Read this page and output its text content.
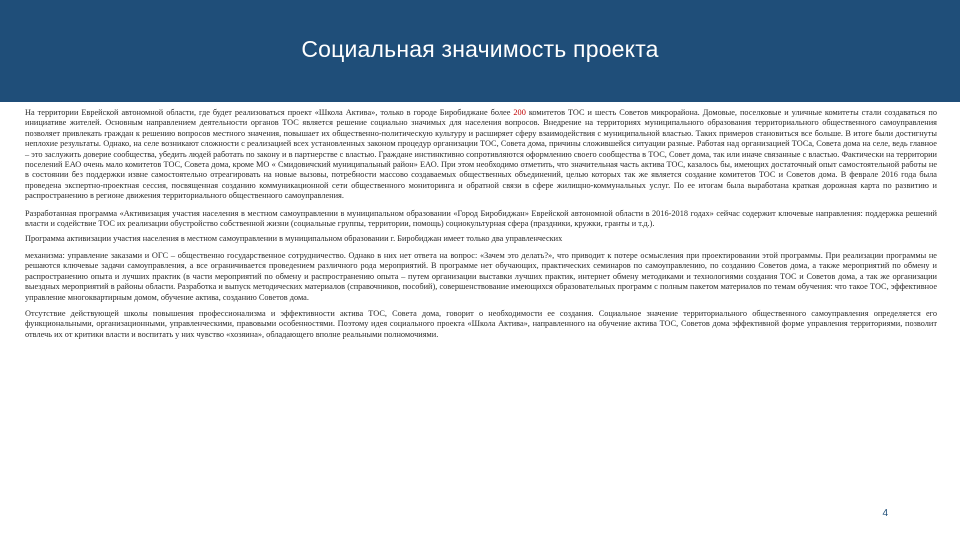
Социальная значимость проекта

На территории Еврейской автономной области, где будет реализоваться проект «Школа Актива», только в городе Биробиджане более 200 комитетов ТОС и шесть Советов микрорайона. Домовые, поселковые и уличные комитеты стали создаваться по инициативе жителей. Основным направлением деятельности органов ТОС является решение социально значимых для населения вопросов. Внедрение на территориях муниципального образования территориального общественного самоуправления позволяет привлекать граждан к решению вопросов местного значения, повышает их общественно-политическую культуру и расширяет сферу взаимодействия с муниципальной властью. Таких примеров становиться все больше. В итоге были достигнуты неплохие результаты. Однако, на селе возникают сложности с реализацией всех установленных законом процедур организации ТОС, Совета дома, причины сложившейся ситуации разные. Работая над организацией ТОСа, Совета дома на селе, ведь главное – это заслужить доверие сообщества, убедить людей работать по закону и в партнерстве с властью. Граждане инстинктивно сопротивляются оформлению своего сообщества в ТОС, Совет дома, так или иначе связанные с властью. Фактически на территории поселений ЕАО очень мало комитетов ТОС, Совета дома, кроме МО « Смидовичский муниципальный район» ЕАО. При этом необходимо отметить, что значительная часть актива ТОС, казалось бы, имеющих достаточный опыт самостоятельной работы не в состоянии без поддержки извне самостоятельно отреагировать на новые вызовы, потребности массово создаваемых общественных объединений, целью которых так же является создание комитетов ТОС и Советов дома. В феврале 2016 года была проведена экспертно-проектная сессия, посвященная созданию коммуникационной сети общественного мониторинга и обратной связи в сфере жилищно-коммунальных услуг. По ее итогам была выработана краткая дорожная карта по развитию и распространению в регионе движения территориального общественного самоуправления.

Разработанная программа «Активизация участия населения в местном самоуправлении в муниципальном образовании «Город Биробиджан» Еврейской автономной области в 2016-2018 годах» сейчас содержит ключевые направления: поддержка решений власти и содействие ТОС их реализации обустройство собственной жизни (социальные группы, территории, помощь) социокультурная сфера (праздники, кружки, гранты и т.д.).

Программа активизации участия населения в местном самоуправлении в муниципальном образовании г. Биробиджан имеет только два управленческих

механизма: управление заказами и ОГС – общественно государственное сотрудничество. Однако в них нет ответа на вопрос: «Зачем это делать?», что приводит к потере осмысления при проектировании этой программы. При реализации программы не решаются ключевые задачи самоуправления, а все ограничивается проведением различного рода мероприятий. В программе нет обучающих, практических семинаров по самоуправлению, по созданию Советов дома, а также мероприятий по обмену и распространению опыта и лучших практик (в части мероприятий по обмену и распространению опыта – путем организации выставки лучших практик, интернет обмену методиками и технологиями создания ТОС и Советов дома, а так же организации выездных мероприятий в районы области. Разработка и выпуск методических материалов (справочников, пособий), совершенствование имеющихся образовательных программ с полным пакетом материалов по темам обучения: что такое ТОС, эффективное управление многоквартирным домом, обучение актива, созданию Советов дома.

Отсутствие действующей школы повышения профессионализма и эффективности актива ТОС, Совета дома, говорит о необходимости ее создания. Социальное значение территориального общественного самоуправления определяется его функциональными, организационными, управленческими, правовыми особенностями. Поэтому идея социального проекта «Школа Актива», направленного на обучение актива ТОС, Советов дома эффективной форме управления территориями, позволит отвлечь их от критики власти и воспитать у них чувство «хозяина», обладающего вполне реальными полномочиями.

4
